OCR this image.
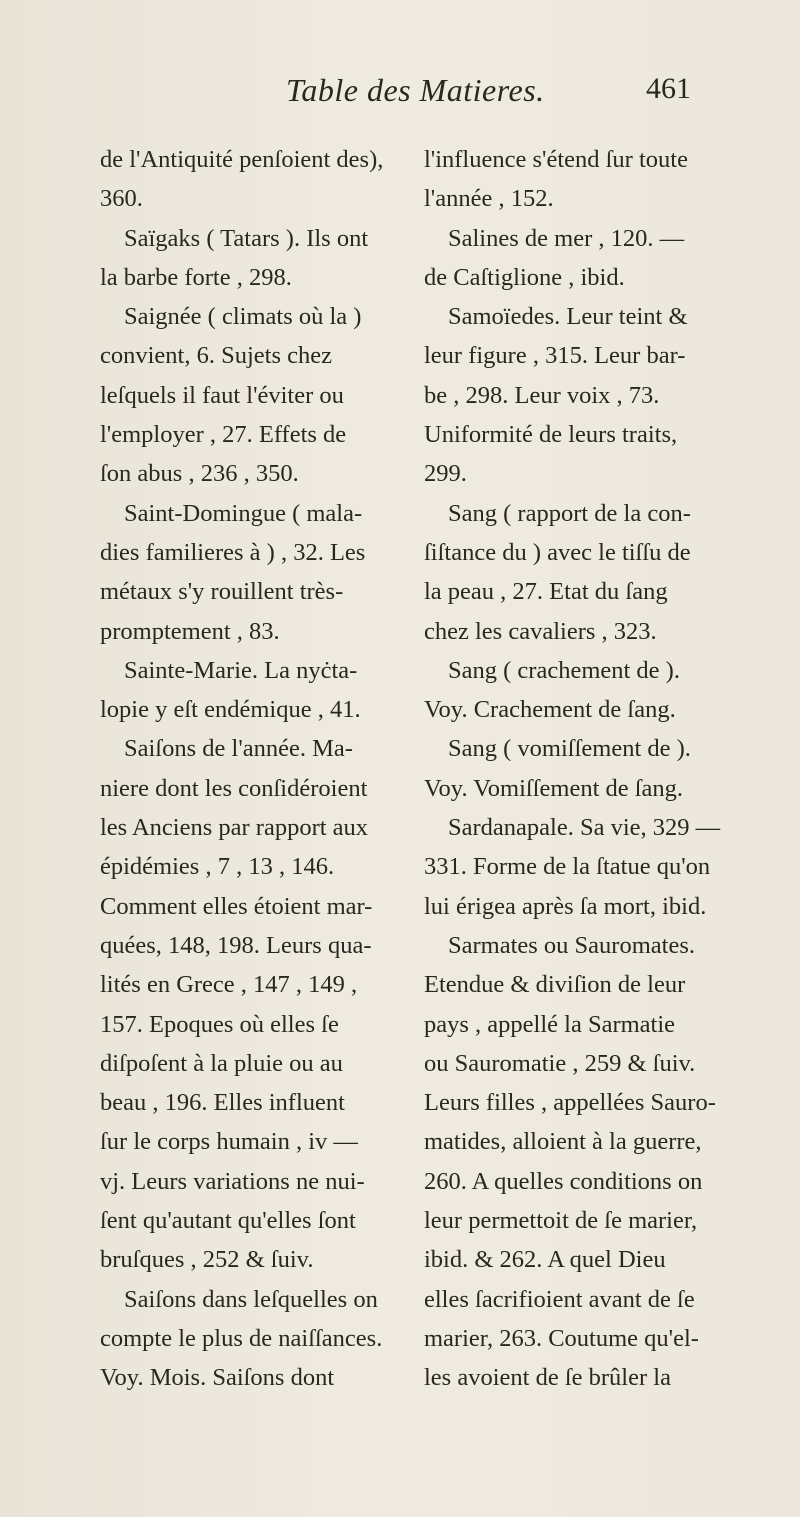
Table des Matieres.	461
de l'Antiquité penſoient des),
360.
Saïgaks ( Tatars ). Ils ont
la barbe forte , 298.
Saignée ( climats où la )
convient, 6. Sujets chez
leſquels il faut l'éviter ou
l'employer , 27. Effets de
ſon abus , 236 , 350.
Saint-Domingue ( mala-
dies familieres à ) , 32. Les
métaux s'y rouillent très-
promptement , 83.
Sainte-Marie. La nyċta-
lopie y eſt endémique , 41.
Saiſons de l'année. Ma-
niere dont les conſidéroient
les Anciens par rapport aux
épidémies , 7 , 13 , 146.
Comment elles étoient mar-
quées, 148, 198. Leurs qua-
lités en Grece , 147 , 149 ,
157. Epoques où elles ſe
diſpoſent à la pluie ou au
beau , 196. Elles influent
ſur le corps humain , iv —
vj. Leurs variations ne nui-
ſent qu'autant qu'elles ſont
bruſques , 252 & ſuiv.
Saiſons dans leſquelles on
compte le plus de naiſſances.
Voy. Mois. Saiſons dont
l'influence s'étend ſur toute
l'année , 152.
Salines de mer , 120. —
de Caſtiglione , ibid.
Samoïedes. Leur teint &
leur figure , 315. Leur bar-
be , 298. Leur voix , 73.
Uniformité de leurs traits,
299.
Sang ( rapport de la con-
ſiſtance du ) avec le tiſſu de
la peau , 27. Etat du ſang
chez les cavaliers , 323.
Sang ( crachement de ).
Voy. Crachement de ſang.
Sang ( vomiſſement de ).
Voy. Vomiſſement de ſang.
Sardanapale. Sa vie, 329 —
331. Forme de la ſtatue qu'on
lui érigea après ſa mort, ibid.
Sarmates ou Sauromates.
Etendue & diviſion de leur
pays , appellé la Sarmatie
ou Sauromatie , 259 & ſuiv.
Leurs filles , appellées Sauro-
matides, alloient à la guerre,
260. A quelles conditions on
leur permettoit de ſe marier,
ibid. & 262. A quel Dieu
elles ſacrifioient avant de ſe
marier, 263. Coutume qu'el-
les avoient de ſe brûler la
